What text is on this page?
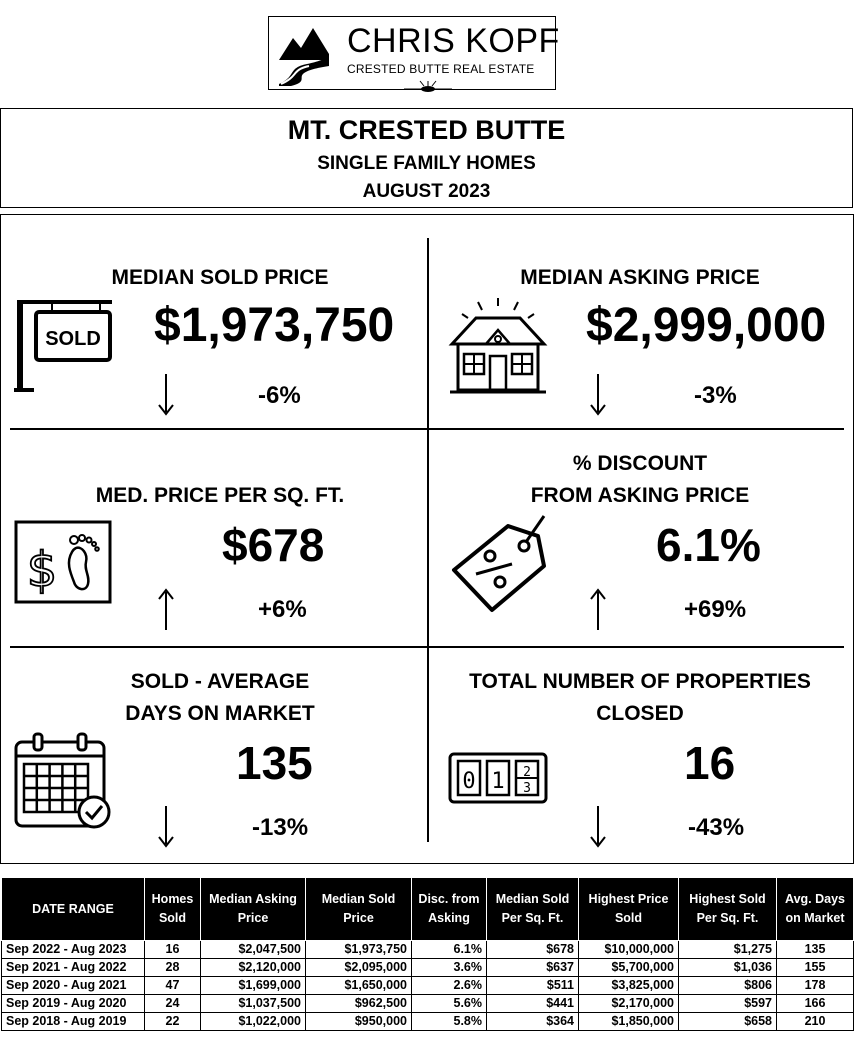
CHRIS KOPF
CRESTED BUTTE REAL ESTATE
MT. CRESTED BUTTE
SINGLE FAMILY HOMES
AUGUST 2023
MEDIAN SOLD PRICE
SOLD $1,973,750
-6%
MEDIAN ASKING PRICE
$2,999,000
-3%
MED. PRICE PER SQ. FT.
$	$678
+6%
% DISCOUNT
FROM ASKING PRICE
6.1%
+69%
SOLD - AVERAGE
DAYS ON MARKET
135
-13%
TOTAL NUMBER OF PROPERTIES
CLOSED
0 1 2
3	16
-43%
DATE RANGE	Homes Sold	Median Asking Price	Median Sold Price	Disc. from Asking	Median Sold Per Sq. Ft.	Highest Price Sold	Highest Sold Per Sq. Ft.	Avg. Days on Market
Sep 2022 - Aug 2023	16	$2,047,500	$1,973,750	6.1%	$678	$10,000,000	$1,275	135
Sep 2021 - Aug 2022	28	$2,120,000	$2,095,000	3.6%	$637	$5,700,000	$1,036	155
Sep 2020 - Aug 2021	47	$1,699,000	$1,650,000	2.6%	$511	$3,825,000	$806	178
Sep 2019 - Aug 2020	24	$1,037,500	$962,500	5.6%	$441	$2,170,000	$597	166
Sep 2018 - Aug 2019	22	$1,022,000	$950,000	5.8%	$364	$1,850,000	$658	210
